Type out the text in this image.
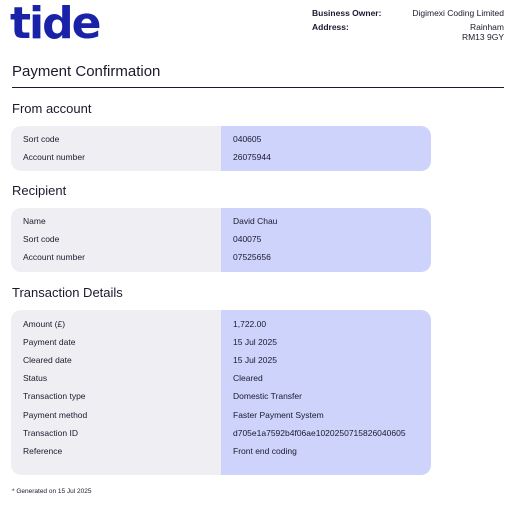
tide	Business Owner:	Digimexi Coding Limited
Address:	Rainham
RM13 9GY
Payment Confirmation
From account
Sort code	040605
Account number	26075944
Recipient
Name	David Chau
Sort code	040075
Account number	07525656
Transaction Details
Amount (£)	1,722.00
Payment date	15 Jul 2025
Cleared date	15 Jul 2025
Status	Cleared
Transaction type	Domestic Transfer
Payment method	Faster Payment System
Transaction ID	d705e1a7592b4f06ae1020250715826040605
Reference	Front end coding
* Generated on 15 Jul 2025
